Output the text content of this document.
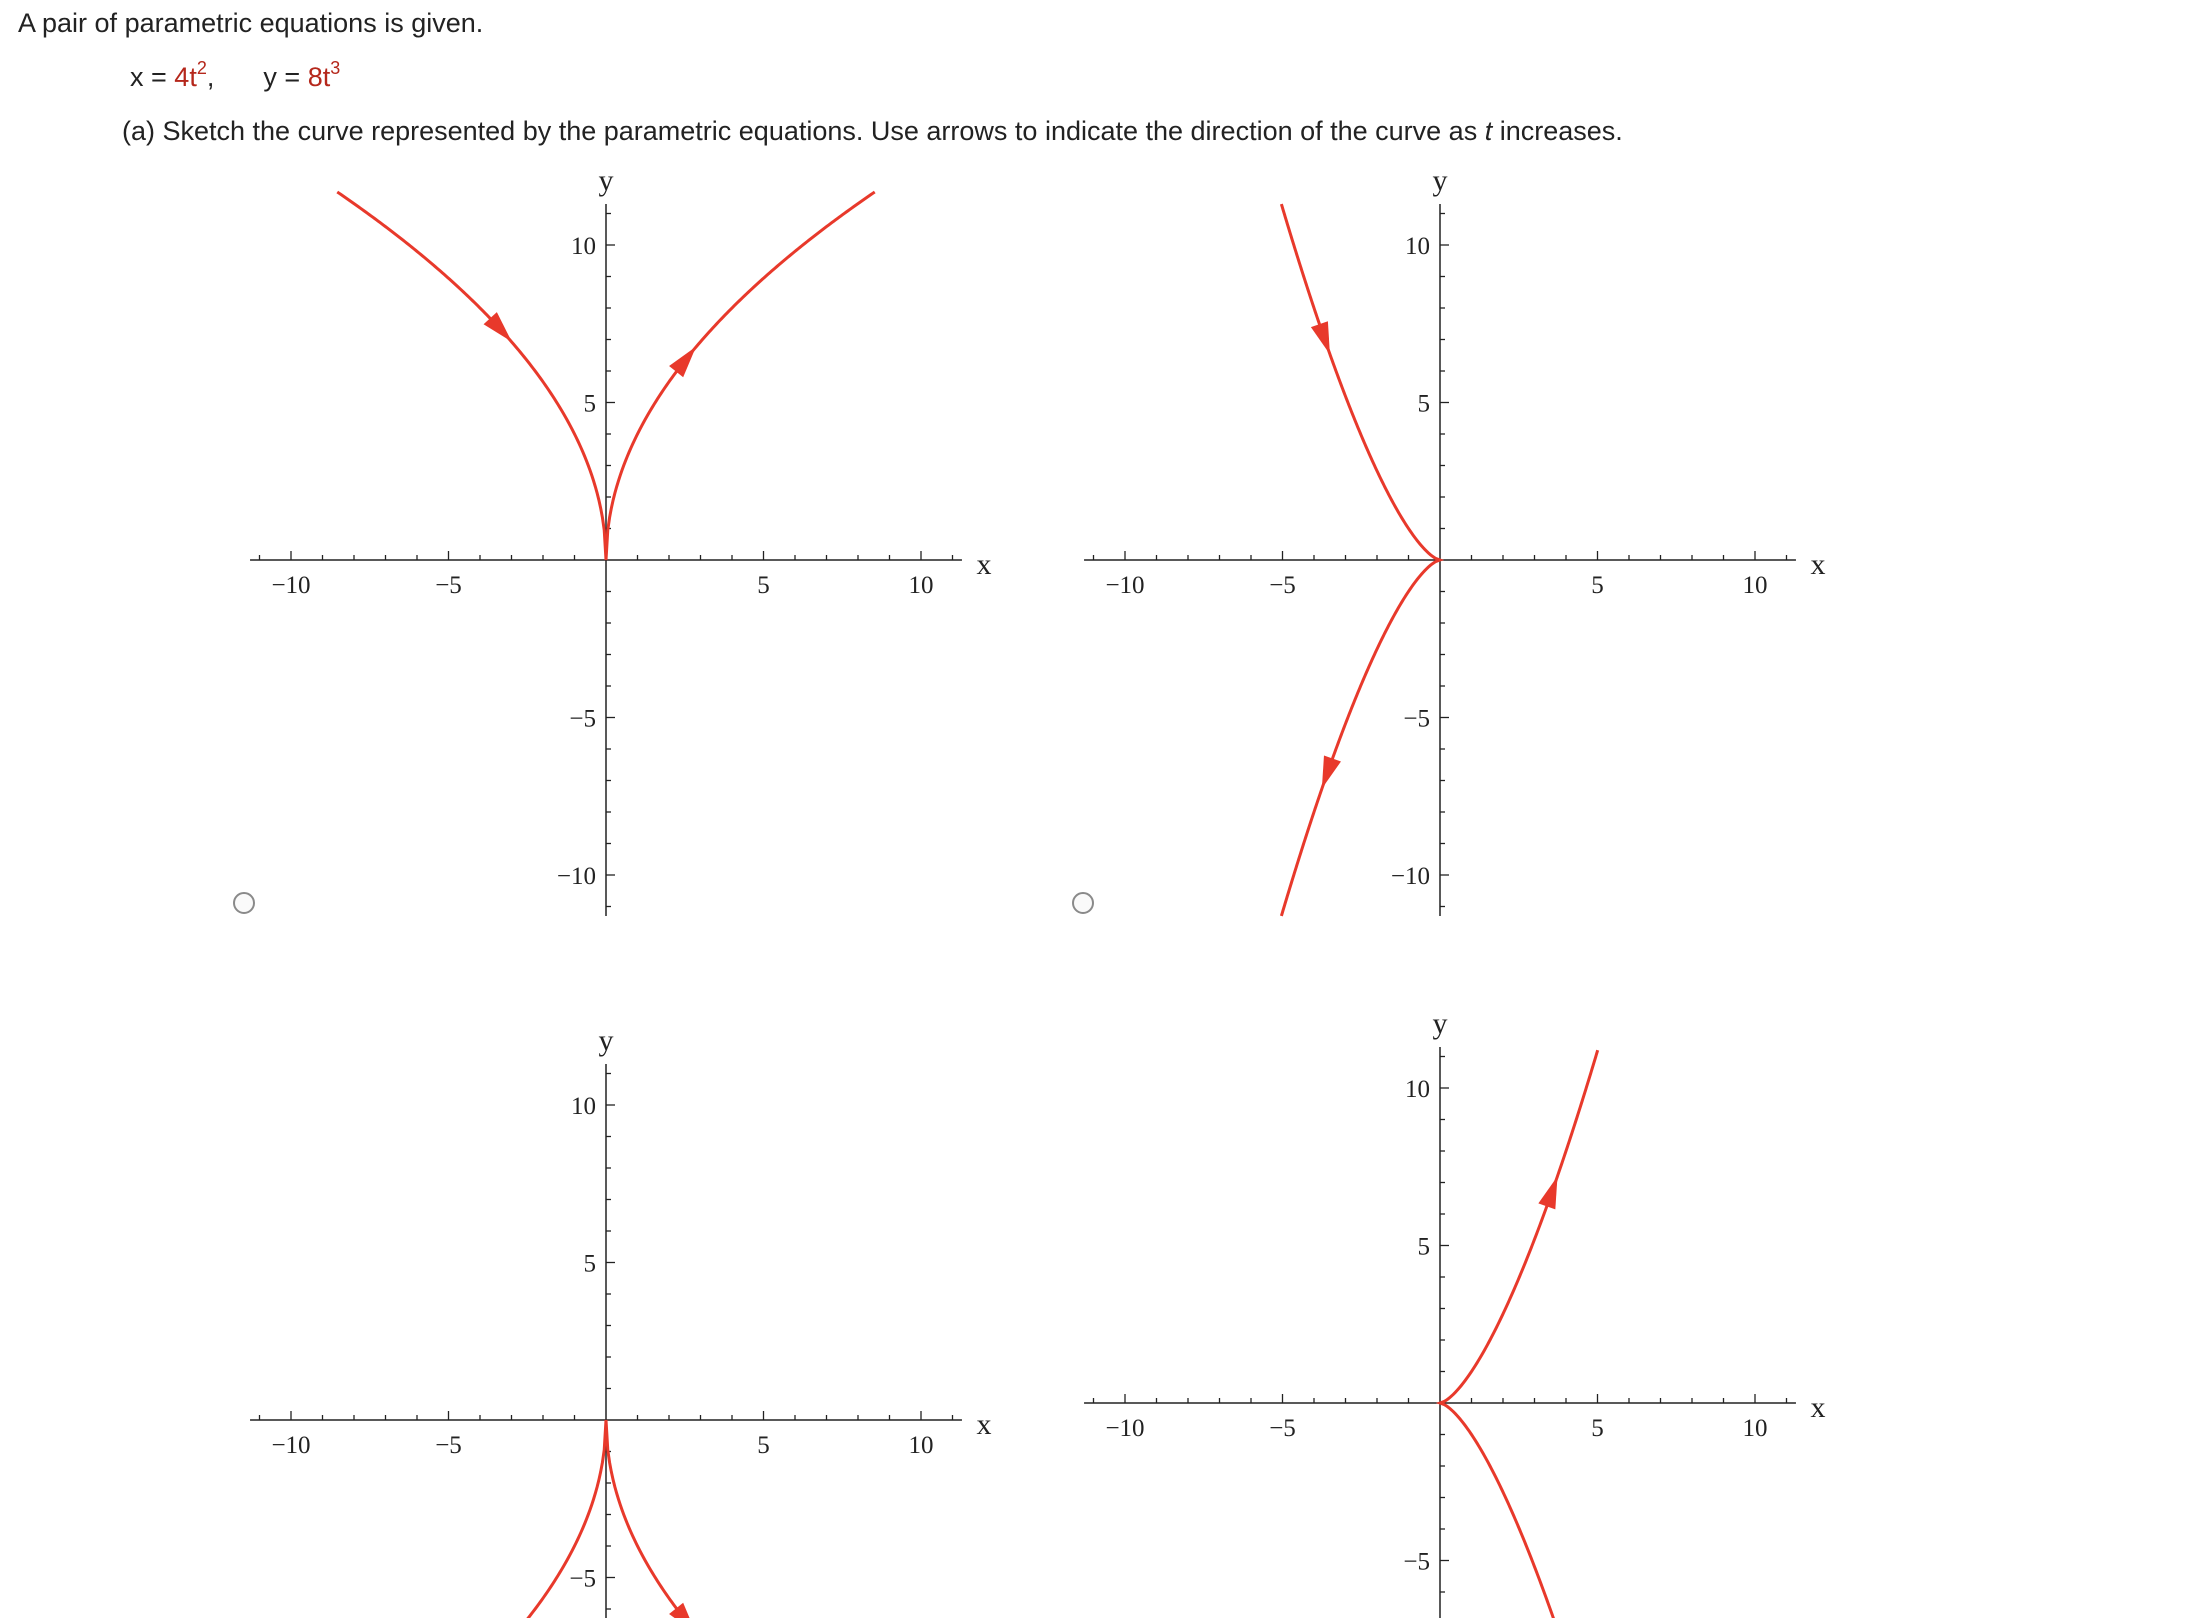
A pair of parametric equations is given.
$x = 4t^2$, $y = 8t^3$
(a) Sketch the curve represented by the parametric equations. Use arrows to indicate the direction of the curve as t increases.
−10	−5	5	10
10
5
−5
−10
x
y
−10	−5	5	10
10
5
−5
−10
x
y
−10	−5	5	10
10
5
−5
x
y
−10	−5	5	10
10
5
−5
x
y
